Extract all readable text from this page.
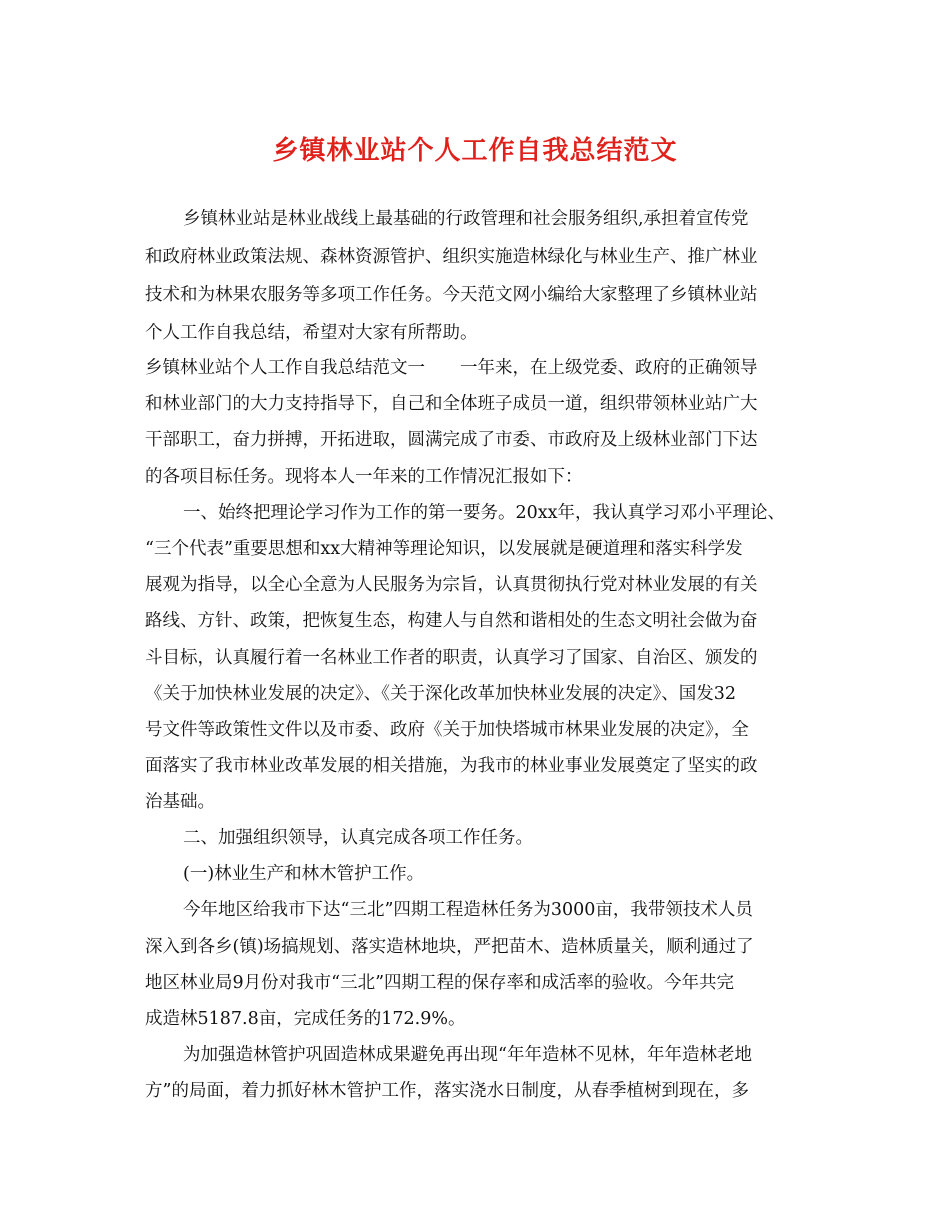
乡镇林业站个人工作自我总结范文

乡镇林业站是林业战线上最基础的行政管理和社会服务组织,承担着宣传党

和政府林业政策法规、森林资源管护、组织实施造林绿化与林业生产、推广林业

技术和为林果农服务等多项工作任务。今天范文网小编给大家整理了乡镇林业站

个人工作自我总结，希望对大家有所帮助。

乡镇林业站个人工作自我总结范文一　　一年来，在上级党委、政府的正确领导

和林业部门的大力支持指导下，自己和全体班子成员一道，组织带领林业站广大

干部职工，奋力拼搏，开拓进取，圆满完成了市委、市政府及上级林业部门下达

的各项目标任务。现将本人一年来的工作情况汇报如下：

一、始终把理论学习作为工作的第一要务。20xx年，我认真学习邓小平理论、

“三个代表”重要思想和xx大精神等理论知识，以发展就是硬道理和落实科学发

展观为指导，以全心全意为人民服务为宗旨，认真贯彻执行党对林业发展的有关

路线、方针、政策，把恢复生态，构建人与自然和谐相处的生态文明社会做为奋

斗目标，认真履行着一名林业工作者的职责，认真学习了国家、自治区、颁发的

《关于加快林业发展的决定》、《关于深化改革加快林业发展的决定》、国发32

号文件等政策性文件以及市委、政府《关于加快塔城市林果业发展的决定》，全

面落实了我市林业改革发展的相关措施，为我市的林业事业发展奠定了坚实的政

治基础。

二、加强组织领导，认真完成各项工作任务。

(一)林业生产和林木管护工作。

今年地区给我市下达“三北”四期工程造林任务为3000亩，我带领技术人员

深入到各乡(镇)场搞规划、落实造林地块，严把苗木、造林质量关，顺利通过了

地区林业局9月份对我市“三北”四期工程的保存率和成活率的验收。今年共完

成造林5187.8亩，完成任务的172.9%。

为加强造林管护巩固造林成果避免再出现“年年造林不见林，年年造林老地

方”的局面，着力抓好林木管护工作，落实浇水日制度，从春季植树到现在，多
